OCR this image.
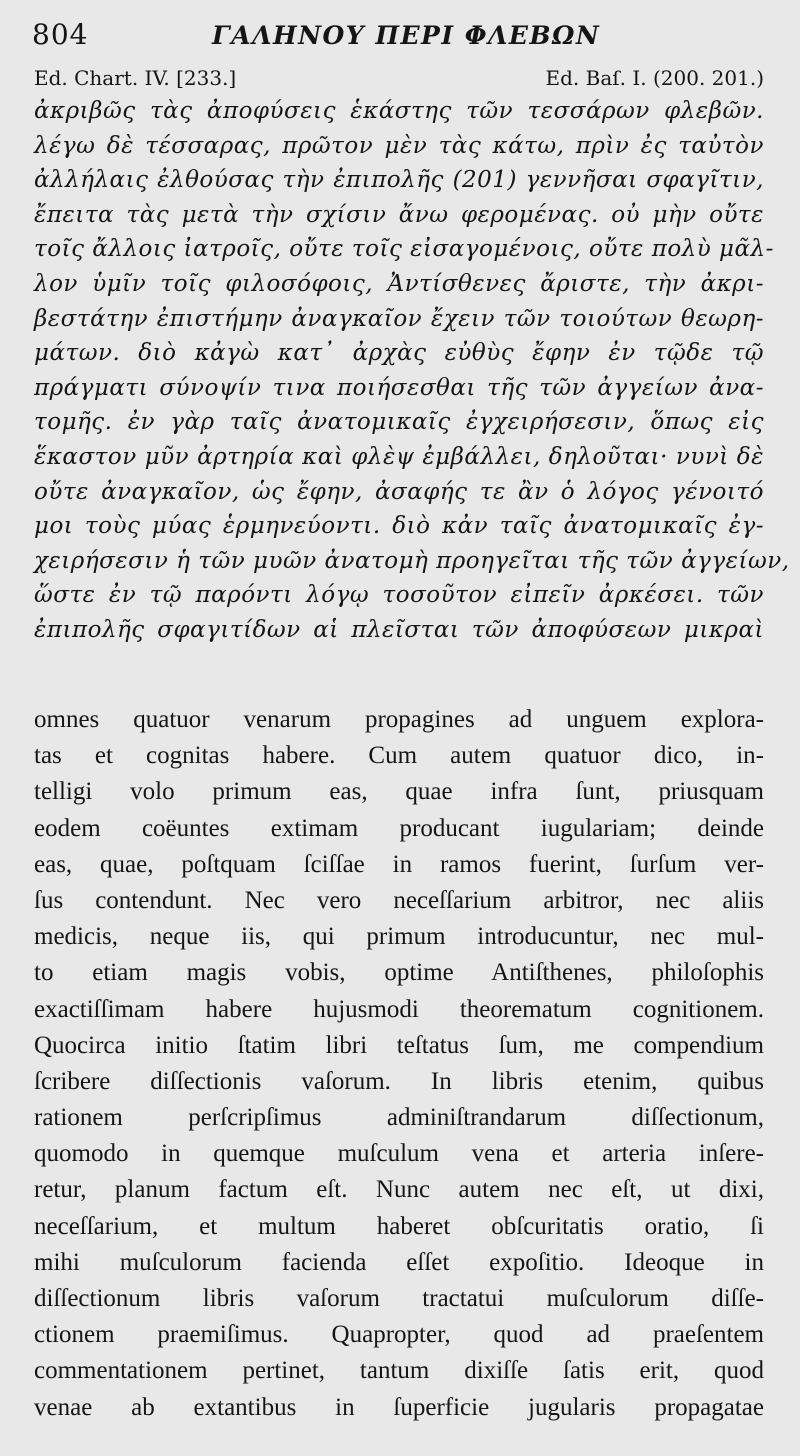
804	ΓΑΛΗΝΟΥ ΠΕΡΙ ΦΛΕΒΩΝ
Ed. Chart. IV. [233.]	Ed. Baſ. I. (200. 201.)
ἀκριβῶς τὰς ἀποφύσεις ἑκάστης τῶν τεσσάρων φλεβῶν.
λέγω δὲ τέσσαρας, πρῶτον μὲν τὰς κάτω, πρὶν ἐς ταὐτὸν
ἀλλήλαις ἐλθούσας τὴν ἐπιπολῆς (201) γεννῆσαι σφαγῖτιν,
ἔπειτα τὰς μετὰ τὴν σχίσιν ἄνω φερομένας. οὐ μὴν οὔτε
τοῖς ἄλλοις ἰατροῖς, οὔτε τοῖς εἰσαγομένοις, οὔτε πολὺ μᾶλ-
λον ὑμῖν τοῖς φιλοσόφοις, Ἀντίσθενες ἄριστε, τὴν ἀκρι-
βεστάτην ἐπιστήμην ἀναγκαῖον ἔχειν τῶν τοιούτων θεωρη-
μάτων. διὸ κἀγὼ κατ᾽ ἀρχὰς εὐθὺς ἔφην ἐν τῷδε τῷ
πράγματι σύνοψίν τινα ποιήσεσθαι τῆς τῶν ἀγγείων ἀνα-
τομῆς. ἐν γὰρ ταῖς ἀνατομικαῖς ἐγχειρήσεσιν, ὅπως εἰς
ἕκαστον μῦν ἀρτηρία καὶ φλὲψ ἐμβάλλει, δηλοῦται· νυνὶ δὲ
οὔτε ἀναγκαῖον, ὡς ἔφην, ἀσαφής τε ἂν ὁ λόγος γένοιτό
μοι τοὺς μύας ἑρμηνεύοντι. διὸ κἀν ταῖς ἀνατομικαῖς ἐγ-
χειρήσεσιν ἡ τῶν μυῶν ἀνατομὴ προηγεῖται τῆς τῶν ἀγγείων,
ὥστε ἐν τῷ παρόντι λόγῳ τοσοῦτον εἰπεῖν ἀρκέσει. τῶν
ἐπιπολῆς σφαγιτίδων αἱ πλεῖσται τῶν ἀποφύσεων μικραὶ
omnes quatuor venarum propagines ad unguem explora-
tas et cognitas habere. Cum autem quatuor dico, in-
telligi volo primum eas, quae infra ſunt, priusquam
eodem coëuntes extimam producant iugulariam; deinde
eas, quae, poſtquam ſciſſae in ramos fuerint, ſurſum ver-
ſus contendunt. Nec vero neceſſarium arbitror, nec aliis
medicis, neque iis, qui primum introducuntur, nec mul-
to etiam magis vobis, optime Antiſthenes, philoſophis
exactiſſimam habere hujusmodi theorematum cognitionem.
Quocirca initio ſtatim libri teſtatus ſum, me compendium
ſcribere diſſectionis vaſorum. In libris etenim, quibus
rationem perſcripſimus adminiſtrandarum diſſectionum,
quomodo in quemque muſculum vena et arteria inſere-
retur, planum factum eſt. Nunc autem nec eſt, ut dixi,
neceſſarium, et multum haberet obſcuritatis oratio, ſi
mihi muſculorum facienda eſſet expoſitio. Ideoque in
diſſectionum libris vaſorum tractatui muſculorum diſſe-
ctionem praemiſimus. Quapropter, quod ad praeſentem
commentationem pertinet, tantum dixiſſe ſatis erit, quod
venae ab extantibus in ſuperficie jugularis propagatae
